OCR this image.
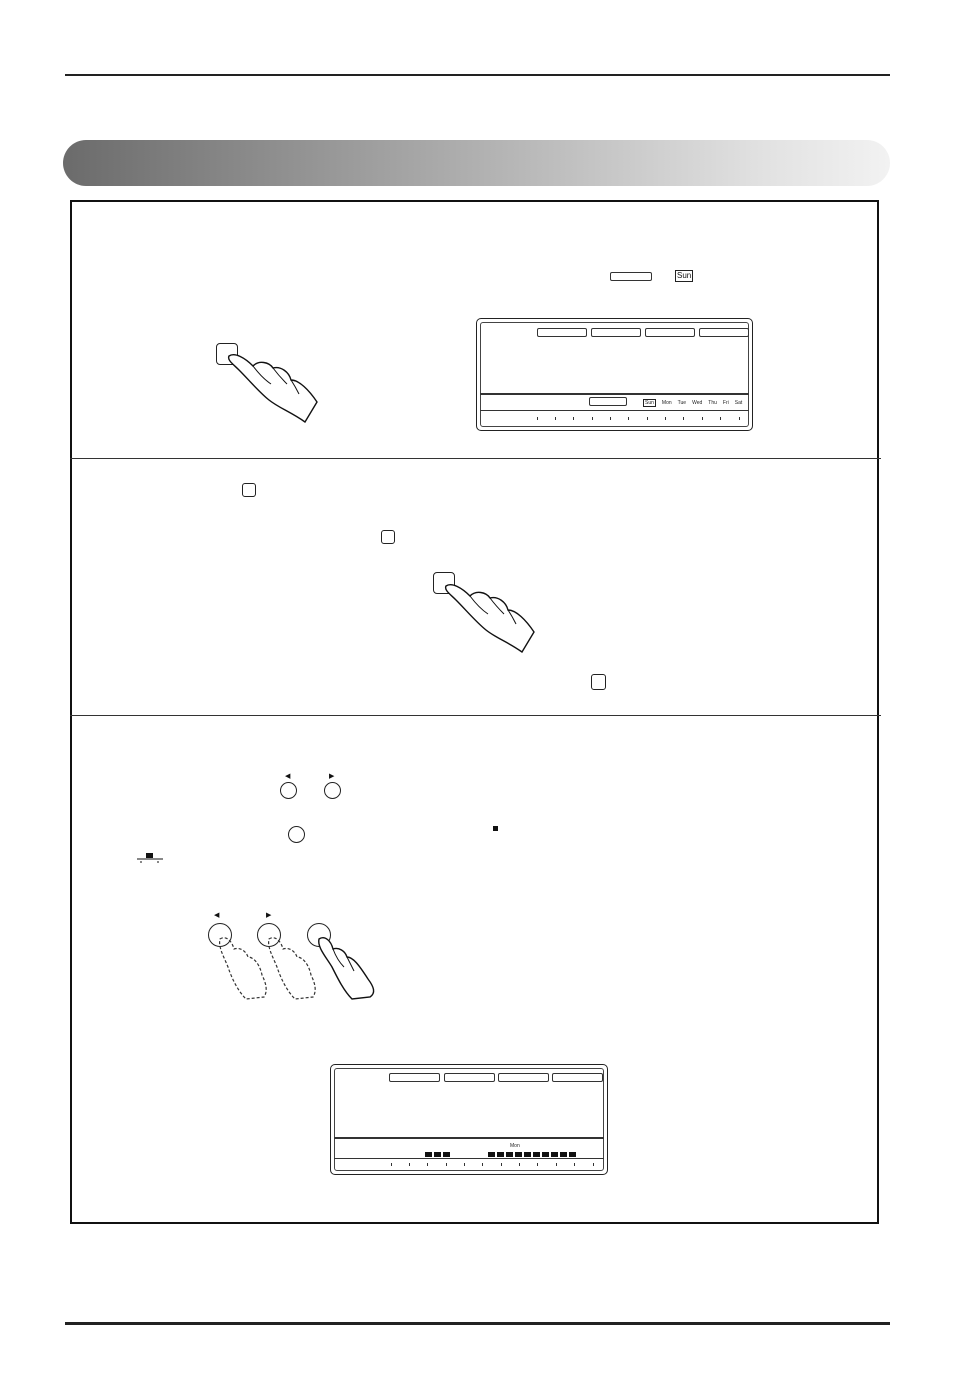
Sun
Sun Mon Tue Wed Thu Fri Sat
◀	▶
◀	▶
Mon
